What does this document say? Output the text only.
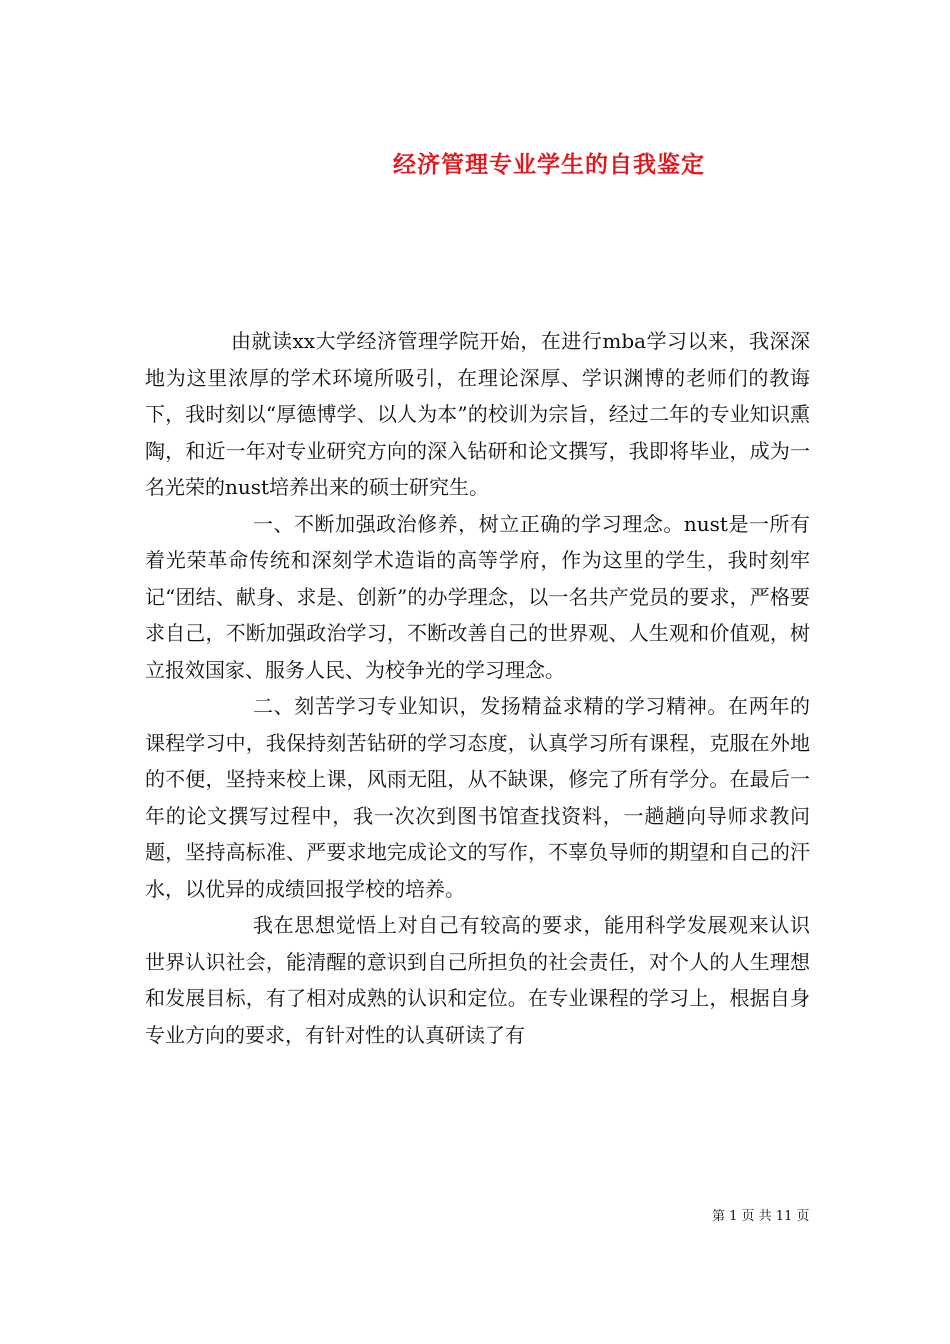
经济管理专业学生的自我鉴定

由就读xx大学经济管理学院开始，在进行mba学习以来，我深深地为这里浓厚的学术环境所吸引，在理论深厚、学识渊博的老师们的教诲下，我时刻以“厚德博学、以人为本”的校训为宗旨，经过二年的专业知识熏陶，和近一年对专业研究方向的深入钻研和论文撰写，我即将毕业，成为一名光荣的nust培养出来的硕士研究生。

一、不断加强政治修养，树立正确的学习理念。nust是一所有着光荣革命传统和深刻学术造诣的高等学府，作为这里的学生，我时刻牢记“团结、献身、求是、创新”的办学理念，以一名共产党员的要求，严格要求自己，不断加强政治学习，不断改善自己的世界观、人生观和价值观，树立报效国家、服务人民、为校争光的学习理念。

二、刻苦学习专业知识，发扬精益求精的学习精神。在两年的课程学习中，我保持刻苦钻研的学习态度，认真学习所有课程，克服在外地的不便，坚持来校上课，风雨无阻，从不缺课，修完了所有学分。在最后一年的论文撰写过程中，我一次次到图书馆查找资料，一趟趟向导师求教问题，坚持高标准、严要求地完成论文的写作，不辜负导师的期望和自己的汗水，以优异的成绩回报学校的培养。

我在思想觉悟上对自己有较高的要求，能用科学发展观来认识世界认识社会，能清醒的意识到自己所担负的社会责任，对个人的人生理想和发展目标，有了相对成熟的认识和定位。在专业课程的学习上，根据自身专业方向的要求，有针对性的认真研读了有

第 1 页 共 11 页
